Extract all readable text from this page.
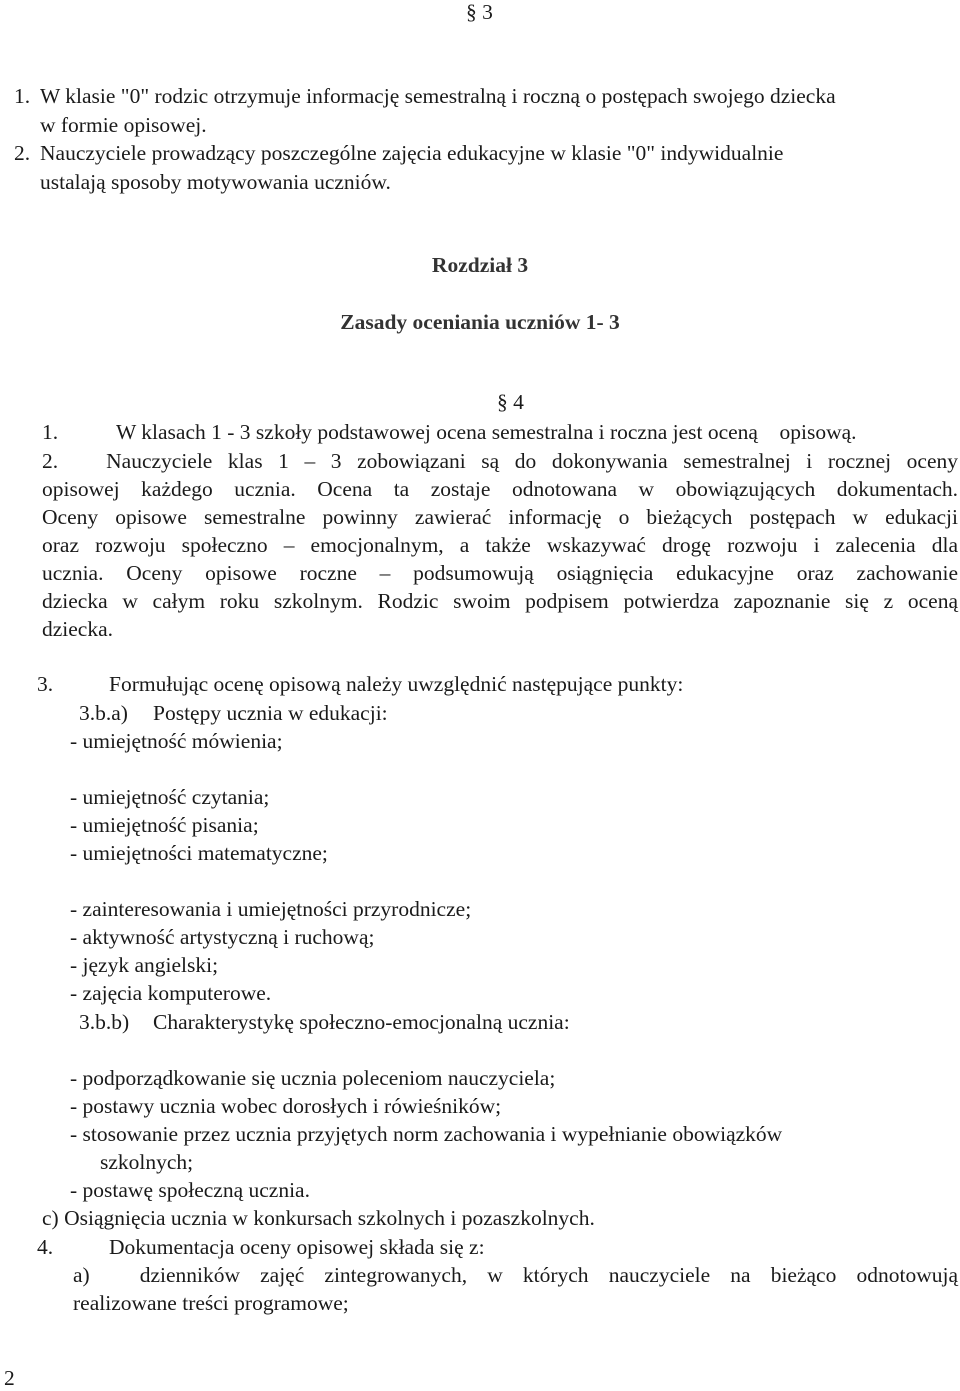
§ 3
1. W klasie "0" rodzic otrzymuje informację semestralną i roczną o postępach swojego dziecka
w formie opisowej.
2. Nauczyciele prowadzący poszczególne zajęcia edukacyjne w klasie "0" indywidualnie
ustalają sposoby motywowania uczniów.
Rozdział 3
Zasady oceniania uczniów 1- 3
§ 4
1.	W klasach 1 - 3 szkoły podstawowej ocena semestralna i roczna jest oceną    opisową.
2. Nauczyciele klas 1 – 3 zobowiązani są do dokonywania semestralnej i rocznej oceny
opisowej każdego ucznia. Ocena ta zostaje odnotowana w obowiązujących dokumentach.
Oceny opisowe semestralne powinny zawierać informację o bieżących postępach w edukacji
oraz rozwoju społeczno – emocjonalnym, a także wskazywać drogę rozwoju i zalecenia dla
ucznia. Oceny opisowe roczne – podsumowują osiągnięcia edukacyjne oraz zachowanie
dziecka w całym roku szkolnym. Rodzic swoim podpisem potwierdza zapoznanie się z oceną
dziecka.
3.	Formułując ocenę opisową należy uwzględnić następujące punkty:
3.b.a) Postępy ucznia w edukacji:
- umiejętność mówienia;
- umiejętność czytania;
- umiejętność pisania;
- umiejętności matematyczne;
- zainteresowania i umiejętności przyrodnicze;
- aktywność artystyczną i ruchową;
- język angielski;
- zajęcia komputerowe.
3.b.b) Charakterystykę społeczno-emocjonalną ucznia:
- podporządkowanie się ucznia poleceniom nauczyciela;
- postawy ucznia wobec dorosłych i rówieśników;
- stosowanie przez ucznia przyjętych norm zachowania i wypełnianie obowiązków
szkolnych;
- postawę społeczną ucznia.
c) Osiągnięcia ucznia w konkursach szkolnych i pozaszkolnych.
4.	Dokumentacja oceny opisowej składa się z:
a) dzienników zajęć zintegrowanych, w których nauczyciele na bieżąco odnotowują
realizowane treści programowe;
2
